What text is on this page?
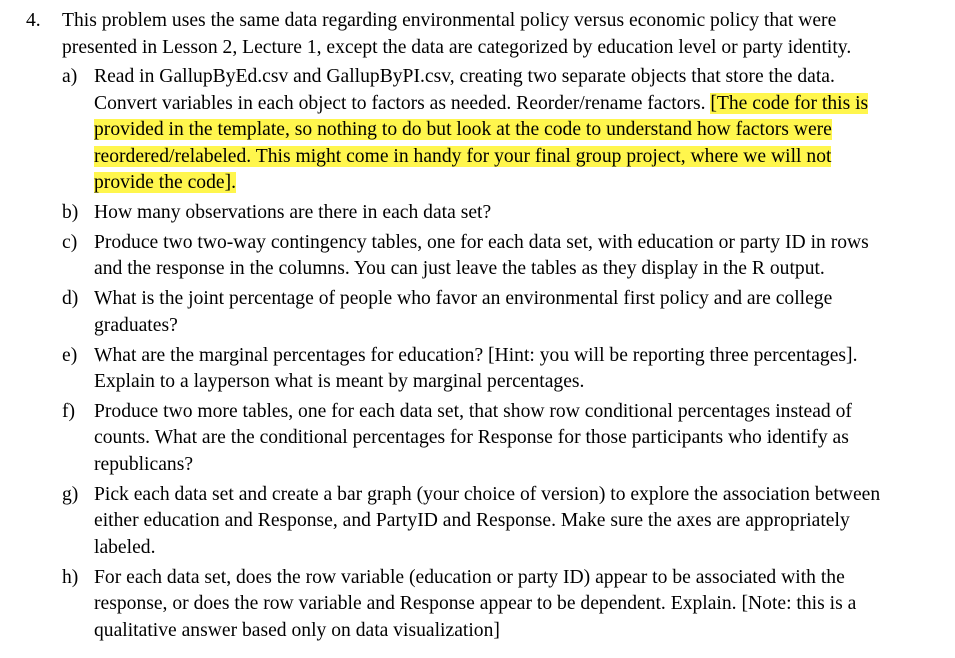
4. This problem uses the same data regarding environmental policy versus economic policy that were
presented in Lesson 2, Lecture 1, except the data are categorized by education level or party identity.
a) Read in GallupByEd.csv and GallupByPI.csv, creating two separate objects that store the data.
Convert variables in each object to factors as needed. Reorder/rename factors. [The code for this is
provided in the template, so nothing to do but look at the code to understand how factors were
reordered/relabeled. This might come in handy for your final group project, where we will not
provide the code].
b) How many observations are there in each data set?
c) Produce two two-way contingency tables, one for each data set, with education or party ID in rows
and the response in the columns. You can just leave the tables as they display in the R output.
d) What is the joint percentage of people who favor an environmental first policy and are college
graduates?
e) What are the marginal percentages for education? [Hint: you will be reporting three percentages].
Explain to a layperson what is meant by marginal percentages.
f) Produce two more tables, one for each data set, that show row conditional percentages instead of
counts. What are the conditional percentages for Response for those participants who identify as
republicans?
g) Pick each data set and create a bar graph (your choice of version) to explore the association between
either education and Response, and PartyID and Response. Make sure the axes are appropriately
labeled.
h) For each data set, does the row variable (education or party ID) appear to be associated with the
response, or does the row variable and Response appear to be dependent. Explain. [Note: this is a
qualitative answer based only on data visualization]
